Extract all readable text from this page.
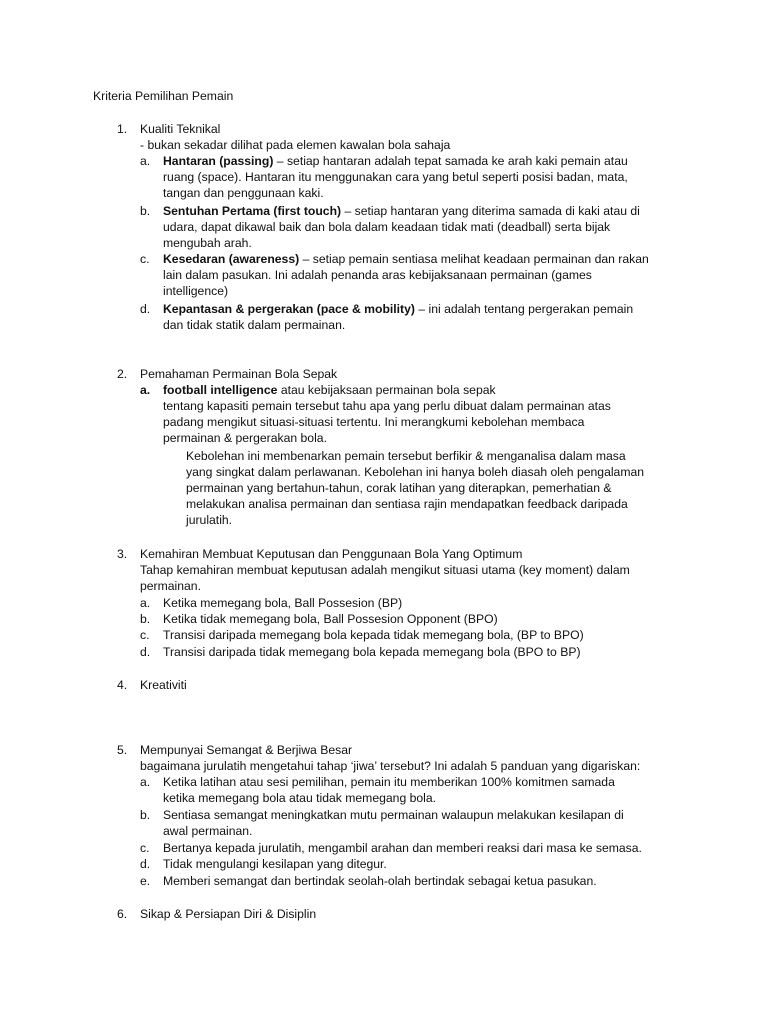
Kriteria Pemilihan Pemain
1. Kualiti Teknikal
- bukan sekadar dilihat pada elemen kawalan bola sahaja
a. Hantaran (passing) – setiap hantaran adalah tepat samada ke arah kaki pemain atau
ruang (space). Hantaran itu menggunakan cara yang betul seperti posisi badan, mata,
tangan dan penggunaan kaki.
b. Sentuhan Pertama (first touch) – setiap hantaran yang diterima samada di kaki atau di
udara, dapat dikawal baik dan bola dalam keadaan tidak mati (deadball) serta bijak
mengubah arah.
c. Kesedaran (awareness) – setiap pemain sentiasa melihat keadaan permainan dan rakan
lain dalam pasukan. Ini adalah penanda aras kebijaksanaan permainan (games
intelligence)
d. Kepantasan & pergerakan (pace & mobility) – ini adalah tentang pergerakan pemain
dan tidak statik dalam permainan.
2. Pemahaman Permainan Bola Sepak
a. football intelligence atau kebijaksaan permainan bola sepak
tentang kapasiti pemain tersebut tahu apa yang perlu dibuat dalam permainan atas
padang mengikut situasi-situasi tertentu. Ini merangkumi kebolehan membaca
permainan & pergerakan bola.
Kebolehan ini membenarkan pemain tersebut berfikir & menganalisa dalam masa
yang singkat dalam perlawanan. Kebolehan ini hanya boleh diasah oleh pengalaman
permainan yang bertahun-tahun, corak latihan yang diterapkan, pemerhatian &
melakukan analisa permainan dan sentiasa rajin mendapatkan feedback daripada
jurulatih.
3. Kemahiran Membuat Keputusan dan Penggunaan Bola Yang Optimum
Tahap kemahiran membuat keputusan adalah mengikut situasi utama (key moment) dalam
permainan.
a. Ketika memegang bola, Ball Possesion (BP)
b. Ketika tidak memegang bola, Ball Possesion Opponent (BPO)
c. Transisi daripada memegang bola kepada tidak memegang bola, (BP to BPO)
d. Transisi daripada tidak memegang bola kepada memegang bola (BPO to BP)
4. Kreativiti
5. Mempunyai Semangat & Berjiwa Besar
bagaimana jurulatih mengetahui tahap ‘jiwa’ tersebut? Ini adalah 5 panduan yang digariskan:
a. Ketika latihan atau sesi pemilihan, pemain itu memberikan 100% komitmen samada
ketika memegang bola atau tidak memegang bola.
b. Sentiasa semangat meningkatkan mutu permainan walaupun melakukan kesilapan di
awal permainan.
c. Bertanya kepada jurulatih, mengambil arahan dan memberi reaksi dari masa ke semasa.
d. Tidak mengulangi kesilapan yang ditegur.
e. Memberi semangat dan bertindak seolah-olah bertindak sebagai ketua pasukan.
6. Sikap & Persiapan Diri & Disiplin
